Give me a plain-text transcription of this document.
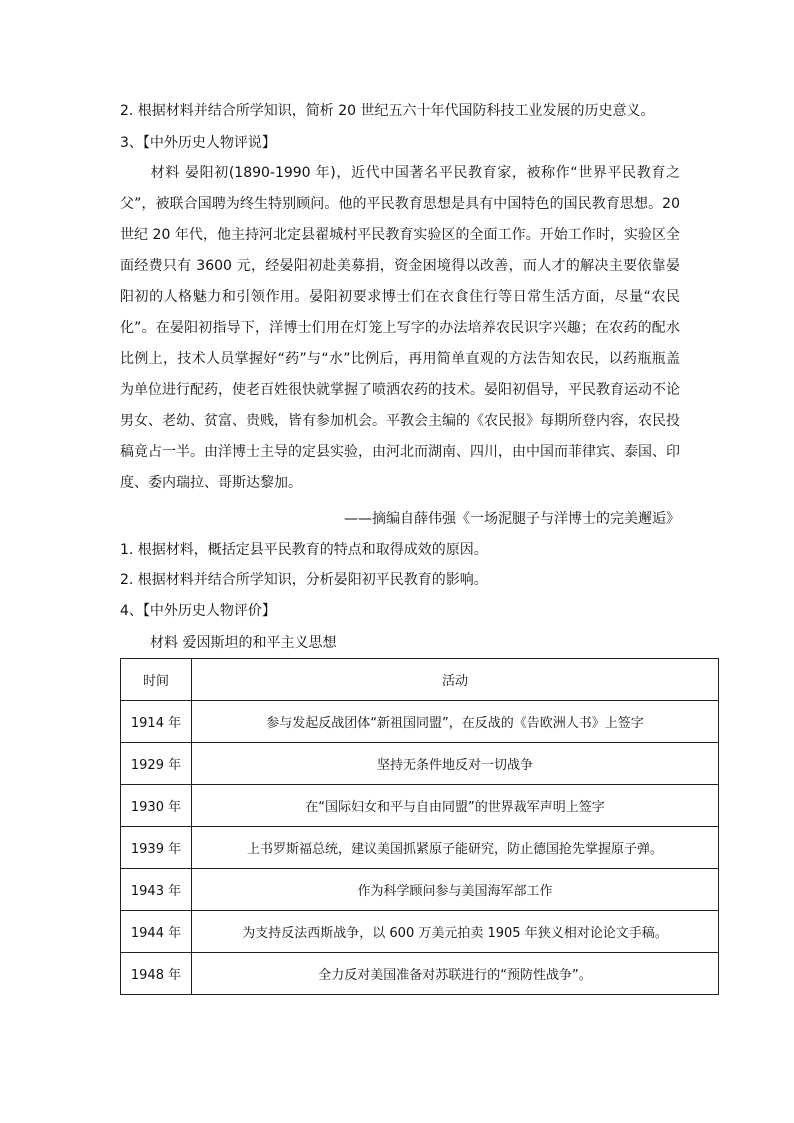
2. 根据材料并结合所学知识，简析 20 世纪五六十年代国防科技工业发展的历史意义。
3、【中外历史人物评说】
材料 晏阳初(1890-1990 年)，近代中国著名平民教育家，被称作“世界平民教育之父”，被联合国聘为终生特别顾问。他的平民教育思想是具有中国特色的国民教育思想。20 世纪 20 年代，他主持河北定县翟城村平民教育实验区的全面工作。开始工作时，实验区全面经费只有 3600 元，经晏阳初赴美募捐，资金困境得以改善，而人才的解决主要依靠晏阳初的人格魅力和引领作用。晏阳初要求博士们在衣食住行等日常生活方面，尽量“农民化”。在晏阳初指导下，洋博士们用在灯笼上写字的办法培养农民识字兴趣；在农药的配水比例上，技术人员掌握好“药”与“水”比例后，再用简单直观的方法告知农民，以药瓶瓶盖为单位进行配药，使老百姓很快就掌握了喷洒农药的技术。晏阳初倡导，平民教育运动不论男女、老幼、贫富、贵贱，皆有参加机会。平教会主编的《农民报》每期所登内容，农民投稿竟占一半。由洋博士主导的定县实验，由河北而湖南、四川，由中国而菲律宾、泰国、印度、委内瑞拉、哥斯达黎加。
——摘编自薛伟强《一场泥腿子与洋博士的完美邂逅》
1. 根据材料，概括定县平民教育的特点和取得成效的原因。
2. 根据材料并结合所学知识，分析晏阳初平民教育的影响。
4、【中外历史人物评价】
材料 爱因斯坦的和平主义思想
时间	活动
1914 年	参与发起反战团体“新祖国同盟”，在反战的《告欧洲人书》上签字
1929 年	坚持无条件地反对一切战争
1930 年	在“国际妇女和平与自由同盟”的世界裁军声明上签字
1939 年	上书罗斯福总统，建议美国抓紧原子能研究，防止德国抢先掌握原子弹。
1943 年	作为科学顾问参与美国海军部工作
1944 年	为支持反法西斯战争，以 600 万美元拍卖 1905 年狭义相对论论文手稿。
1948 年	全力反对美国准备对苏联进行的“预防性战争”。
